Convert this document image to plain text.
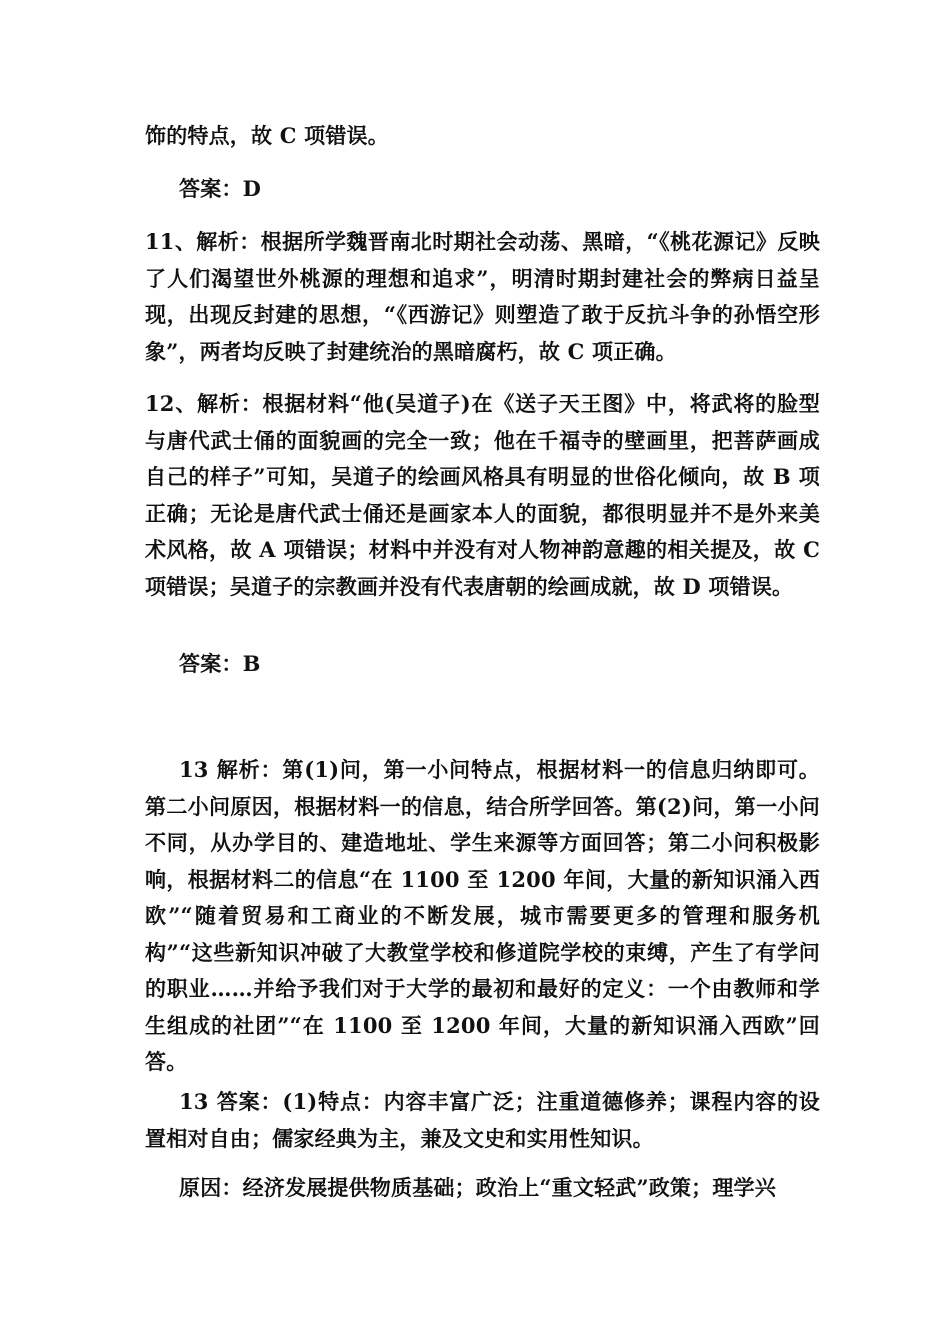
饰的特点，故 C 项错误。
答案：D
11、解析：根据所学魏晋南北时期社会动荡、黑暗，“《桃花源记》反映了人们渴望世外桃源的理想和追求”，明清时期封建社会的弊病日益呈现，出现反封建的思想，“《西游记》则塑造了敢于反抗斗争的孙悟空形象”，两者均反映了封建统治的黑暗腐朽，故 C 项正确。
12、解析：根据材料“他(吴道子)在《送子天王图》中，将武将的脸型与唐代武士俑的面貌画的完全一致；他在千福寺的壁画里，把菩萨画成自己的样子”可知，吴道子的绘画风格具有明显的世俗化倾向，故 B 项正确；无论是唐代武士俑还是画家本人的面貌，都很明显并不是外来美术风格，故 A 项错误；材料中并没有对人物神韵意趣的相关提及，故 C 项错误；吴道子的宗教画并没有代表唐朝的绘画成就，故 D 项错误。
答案：B
13 解析：第(1)问，第一小问特点，根据材料一的信息归纳即可。第二小问原因，根据材料一的信息，结合所学回答。第(2)问，第一小问不同，从办学目的、建造地址、学生来源等方面回答；第二小问积极影响，根据材料二的信息“在 1100 至 1200 年间，大量的新知识涌入西欧”“随着贸易和工商业的不断发展，城市需要更多的管理和服务机构”“这些新知识冲破了大教堂学校和修道院学校的束缚，产生了有学问的职业……并给予我们对于大学的最初和最好的定义：一个由教师和学生组成的社团”“在 1100 至 1200 年间，大量的新知识涌入西欧”回答。
13 答案：(1)特点：内容丰富广泛；注重道德修养；课程内容的设置相对自由；儒家经典为主，兼及文史和实用性知识。
原因：经济发展提供物质基础；政治上“重文轻武”政策；理学兴
